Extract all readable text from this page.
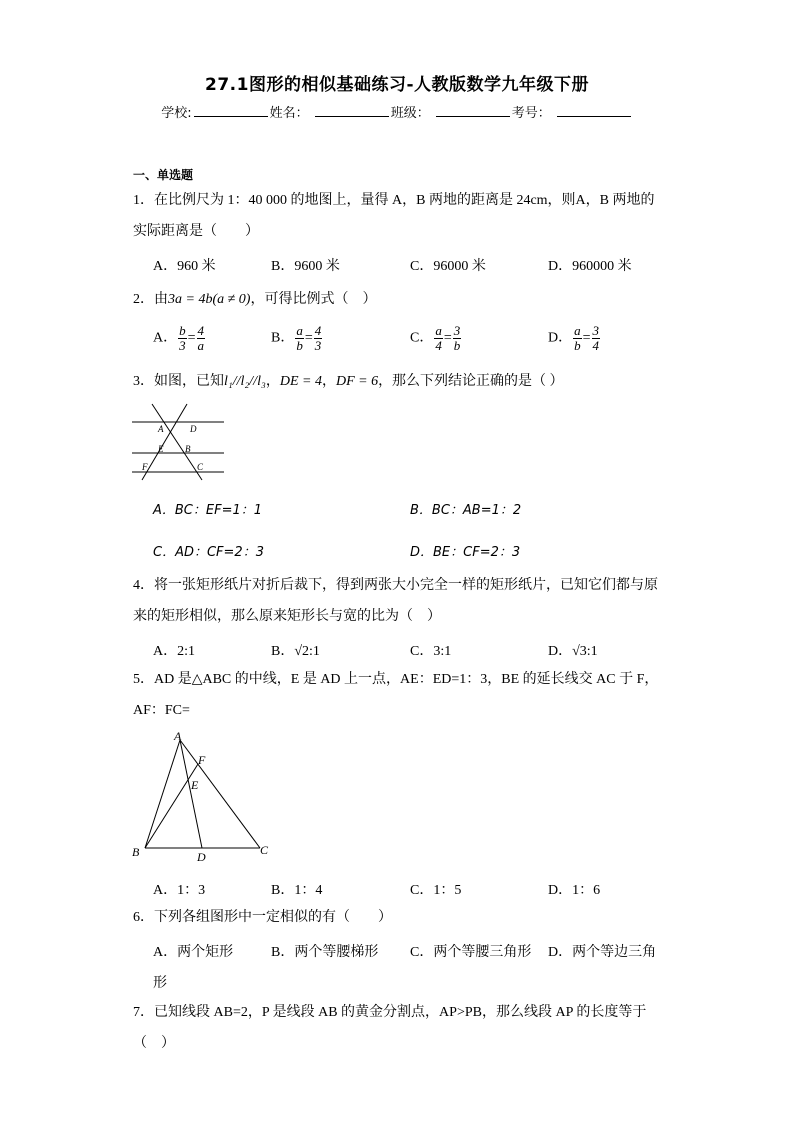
27.1图形的相似基础练习-人教版数学九年级下册
学校:	姓名：	班级：	考号：
一、单选题
1．在比例尺为 1：40 000 的地图上，量得 A，B 两地的距离是 24cm，则A，B 两地的
实际距离是（　　）
A．960 米	B．9600 米	C．96000 米	D．960000 米
2．由3a = 4b(a ≠ 0)，可得比例式（　）
A． $\frac{b}{3} = \frac{4}{a}$	B． $\frac{a}{b} = \frac{4}{3}$	C． $\frac{a}{4} = \frac{3}{b}$	D． $\frac{a}{b} = \frac{3}{4}$
3．如图，已知l₁//l₂//l₃，DE = 4，DF = 6，那么下列结论正确的是（ ）
A	D
E B
F	C
A．BC：EF=1：1	B．BC：AB=1：2
C．AD：CF=2：3	D．BE：CF=2：3
4．将一张矩形纸片对折后裁下，得到两张大小完全一样的矩形纸片，已知它们都与原
来的矩形相似，那么原来矩形长与宽的比为（　）
A．2:1	B．√2:1	C．3:1	D．√3:1
5．AD 是△ABC 的中线，E 是 AD 上一点，AE：ED=1：3，BE 的延长线交 AC 于 F，
AF：FC=
A
F
E
B	D	C
A．1：3	B．1：4	C．1：5	D．1：6
6．下列各组图形中一定相似的有（　　）
A．两个矩形	B．两个等腰梯形 C．两个等腰三角形 D．两个等边三角
形
7．已知线段 AB=2，P 是线段 AB 的黄金分割点，AP>PB，那么线段 AP 的长度等于
（　）
